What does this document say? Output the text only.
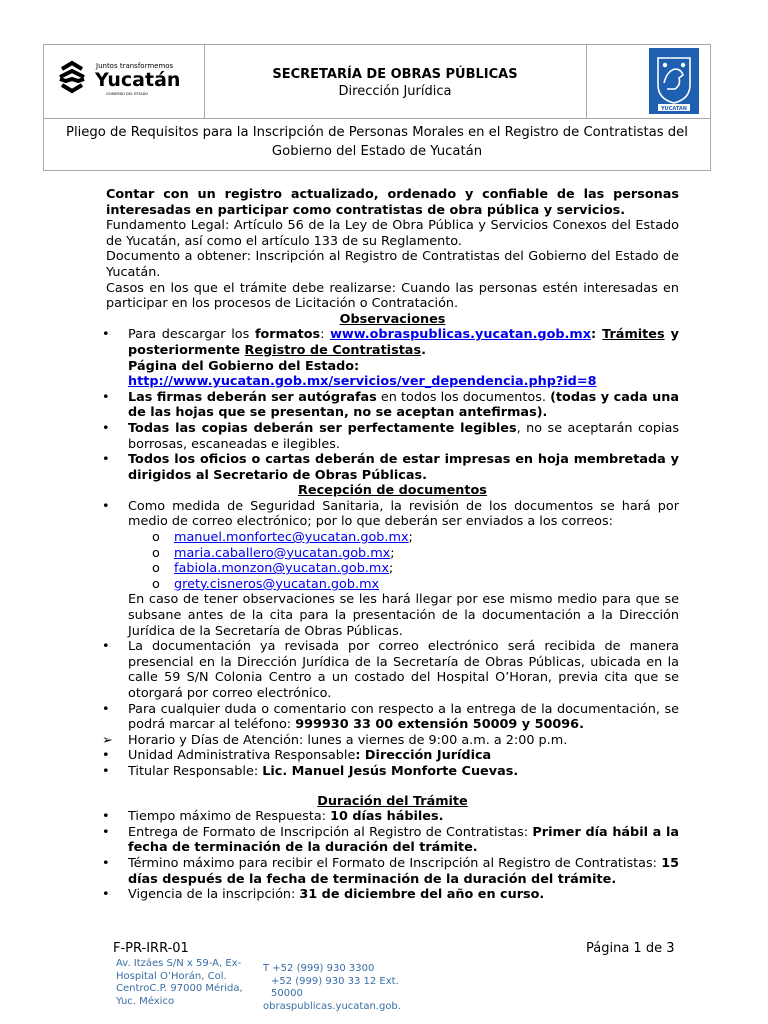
Juntos transformemos
Yucatán
GOBIERNO DEL ESTADO
SECRETARÍA DE OBRAS PÚBLICAS
Dirección Jurídica
YUCATAN
Pliego de Requisitos para la Inscripción de Personas Morales en el Registro de Contratistas del Gobierno del Estado de Yucatán
Contar con un registro actualizado, ordenado y confiable de las personas interesadas en participar como contratistas de obra pública y servicios.
Fundamento Legal: Artículo 56 de la Ley de Obra Pública y Servicios Conexos del Estado de Yucatán, así como el artículo 133 de su Reglamento.
Documento a obtener: Inscripción al Registro de Contratistas del Gobierno del Estado de Yucatán.
Casos en los que el trámite debe realizarse: Cuando las personas estén interesadas en participar en los procesos de Licitación o Contratación.
Observaciones
• Para descargar los formatos: www.obraspublicas.yucatan.gob.mx: Trámites y posteriormente Registro de Contratistas.
Página del Gobierno del Estado:
http://www.yucatan.gob.mx/servicios/ver_dependencia.php?id=8
• Las firmas deberán ser autógrafas en todos los documentos. (todas y cada una de las hojas que se presentan, no se aceptan antefirmas).
• Todas las copias deberán ser perfectamente legibles, no se aceptarán copias borrosas, escaneadas e ilegibles.
• Todos los oficios o cartas deberán de estar impresas en hoja membretada y dirigidos al Secretario de Obras Públicas.
Recepción de documentos
• Como medida de Seguridad Sanitaria, la revisión de los documentos se hará por medio de correo electrónico; por lo que deberán ser enviados a los correos:
o manuel.monfortec@yucatan.gob.mx;
o maria.caballero@yucatan.gob.mx;
o fabiola.monzon@yucatan.gob.mx;
o grety.cisneros@yucatan.gob.mx
En caso de tener observaciones se les hará llegar por ese mismo medio para que se subsane antes de la cita para la presentación de la documentación a la Dirección Jurídica de la Secretaría de Obras Públicas.
• La documentación ya revisada por correo electrónico será recibida de manera presencial en la Dirección Jurídica de la Secretaría de Obras Públicas, ubicada en la calle 59 S/N Colonia Centro a un costado del Hospital O’Horan, previa cita que se otorgará por correo electrónico.
• Para cualquier duda o comentario con respecto a la entrega de la documentación, se podrá marcar al teléfono: 999930 33 00 extensión 50009 y 50096.
➢ Horario y Días de Atención: lunes a viernes de 9:00 a.m. a 2:00 p.m.
• Unidad Administrativa Responsable: Dirección Jurídica
• Titular Responsable: Lic. Manuel Jesús Monforte Cuevas.
Duración del Trámite
• Tiempo máximo de Respuesta: 10 días hábiles.
• Entrega de Formato de Inscripción al Registro de Contratistas: Primer día hábil a la fecha de terminación de la duración del trámite.
• Término máximo para recibir el Formato de Inscripción al Registro de Contratistas: 15 días después de la fecha de terminación de la duración del trámite.
• Vigencia de la inscripción: 31 de diciembre del año en curso.
F-PR-IRR-01	Página 1 de 3
Av. Itzáes S/N x 59-A, Ex- Hospital O’Horán, Col. CentroC.P. 97000 Mérida, Yuc. México
T +52 (999) 930 3300
+52 (999) 930 33 12 Ext. 50000
obraspublicas.yucatan.gob.
